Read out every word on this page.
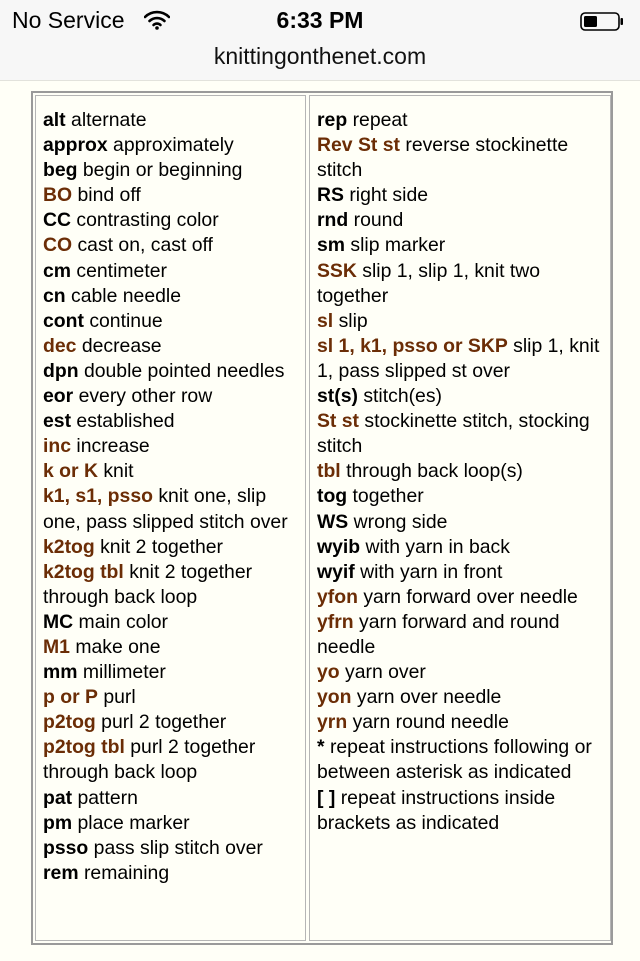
No Service	6:33 PM
knittingonthenet.com
alt alternate
approx approximately
beg begin or beginning
BO bind off
CC contrasting color
CO cast on, cast off
cm centimeter
cn cable needle
cont continue
dec decrease
dpn double pointed needles
eor every other row
est established
inc increase
k or K knit
k1, s1, psso knit one, slip one, pass slipped stitch over
k2tog knit 2 together
k2tog tbl knit 2 together through back loop
MC main color
M1 make one
mm millimeter
p or P purl
p2tog purl 2 together
p2tog tbl purl 2 together through back loop
pat pattern
pm place marker
psso pass slip stitch over
rem remaining
rep repeat
Rev St st reverse stockinette stitch
RS right side
rnd round
sm slip marker
SSK slip 1, slip 1, knit two together
sl slip
sl 1, k1, psso or SKP slip 1, knit 1, pass slipped st over
st(s) stitch(es)
St st stockinette stitch, stocking stitch
tbl through back loop(s)
tog together
WS wrong side
wyib with yarn in back
wyif with yarn in front
yfon yarn forward over needle
yfrn yarn forward and round needle
yo yarn over
yon yarn over needle
yrn yarn round needle
* repeat instructions following or between asterisk as indicated
[ ] repeat instructions inside brackets as indicated
